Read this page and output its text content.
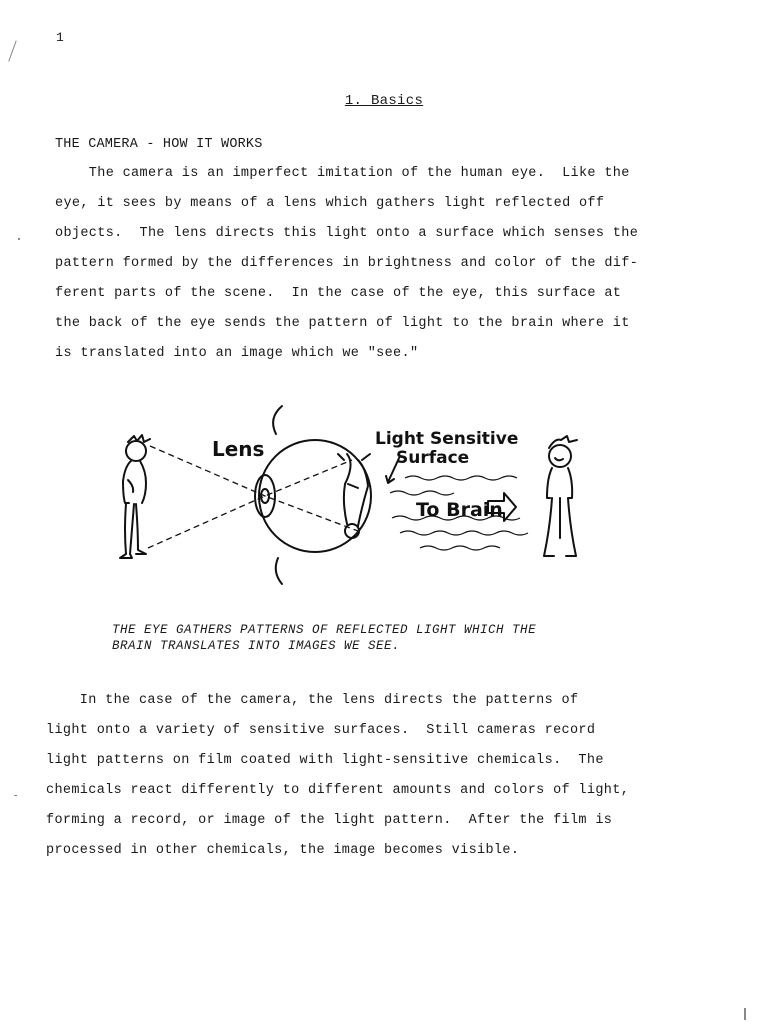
1
1. Basics
THE CAMERA - HOW IT WORKS
The camera is an imperfect imitation of the human eye.  Like the
eye, it sees by means of a lens which gathers light reflected off
objects.  The lens directs this light onto a surface which senses the
pattern formed by the differences in brightness and color of the dif-
ferent parts of the scene.  In the case of the eye, this surface at
the back of the eye sends the pattern of light to the brain where it
is translated into an image which we "see."
Lens	Light Sensitive
Surface
To Brain
THE EYE GATHERS PATTERNS OF REFLECTED LIGHT WHICH THE
BRAIN TRANSLATES INTO IMAGES WE SEE.
In the case of the camera, the lens directs the patterns of
light onto a variety of sensitive surfaces.  Still cameras record
light patterns on film coated with light-sensitive chemicals.  The
chemicals react differently to different amounts and colors of light,
forming a record, or image of the light pattern.  After the film is
processed in other chemicals, the image becomes visible.
